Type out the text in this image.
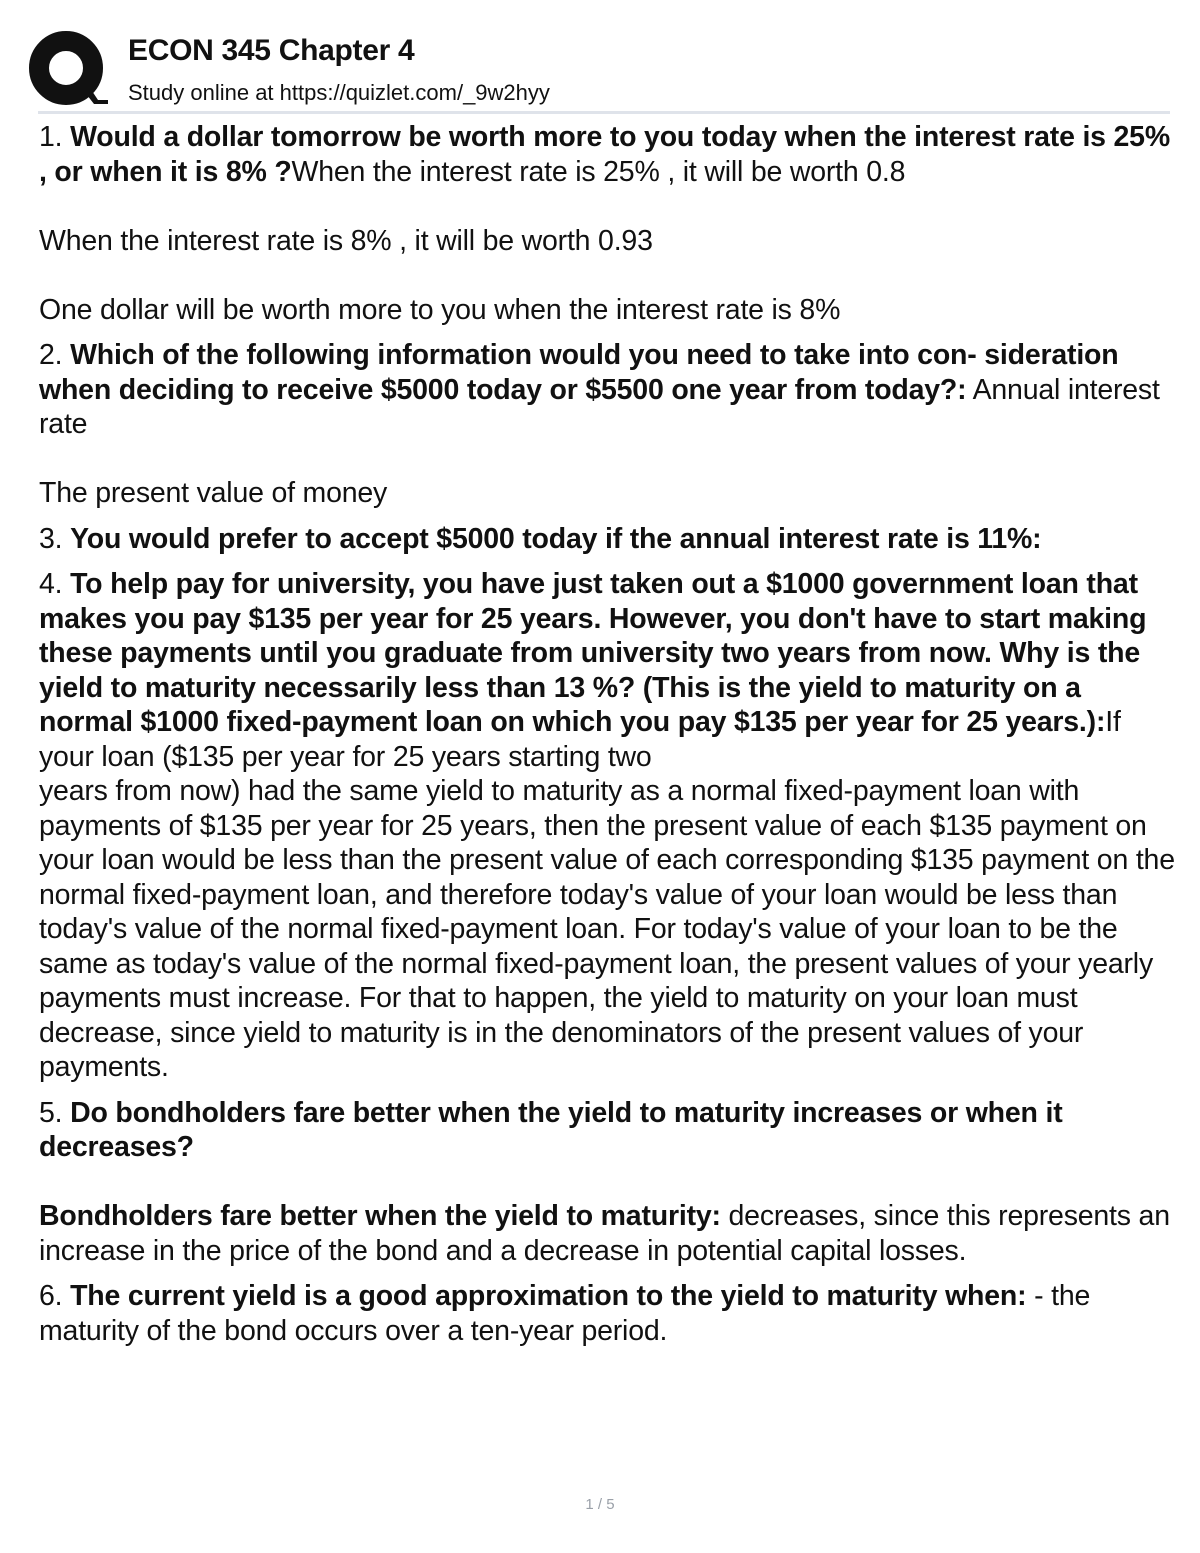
ECON 345 Chapter 4
Study online at https://quizlet.com/_9w2hyy
1. Would a dollar tomorrow be worth more to you today when the interest rate is 25% , or when it is 8% ?When the interest rate is 25% , it will be worth 0.8
When the interest rate is 8% , it will be worth 0.93
One dollar will be worth more to you when the interest rate is 8%
2. Which of the following information would you need to take into con- sideration when deciding to receive $5000 today or $5500 one year from today?: Annual interest rate
The present value of money
3. You would prefer to accept $5000 today if the annual interest rate is 11%:
4. To help pay for university, you have just taken out a $1000 government loan that makes you pay $135 per year for 25 years. However, you don't have to start making these payments until you graduate from university two years from now. Why is the yield to maturity necessarily less than 13 %? (This is the yield to maturity on a normal $1000 fixed-payment loan on which you pay $135 per year for 25 years.):If your loan ($135 per year for 25 years starting two
years from now) had the same yield to maturity as a normal fixed-payment loan with payments of $135 per year for 25 years, then the present value of each $135 payment on your loan would be less than the present value of each corresponding $135 payment on the normal fixed-payment loan, and therefore today's value of your loan would be less than today's value of the normal fixed-payment loan. For today's value of your loan to be the same as today's value of the normal fixed-payment loan, the present values of your yearly payments must increase. For that to happen, the yield to maturity on your loan must decrease, since yield to maturity is in the denominators of the present values of your payments.
5. Do bondholders fare better when the yield to maturity increases or when it decreases?
Bondholders fare better when the yield to maturity: decreases, since this represents an increase in the price of the bond and a decrease in potential capital losses.
6. The current yield is a good approximation to the yield to maturity when: - the maturity of the bond occurs over a ten-year period.
1 / 5
